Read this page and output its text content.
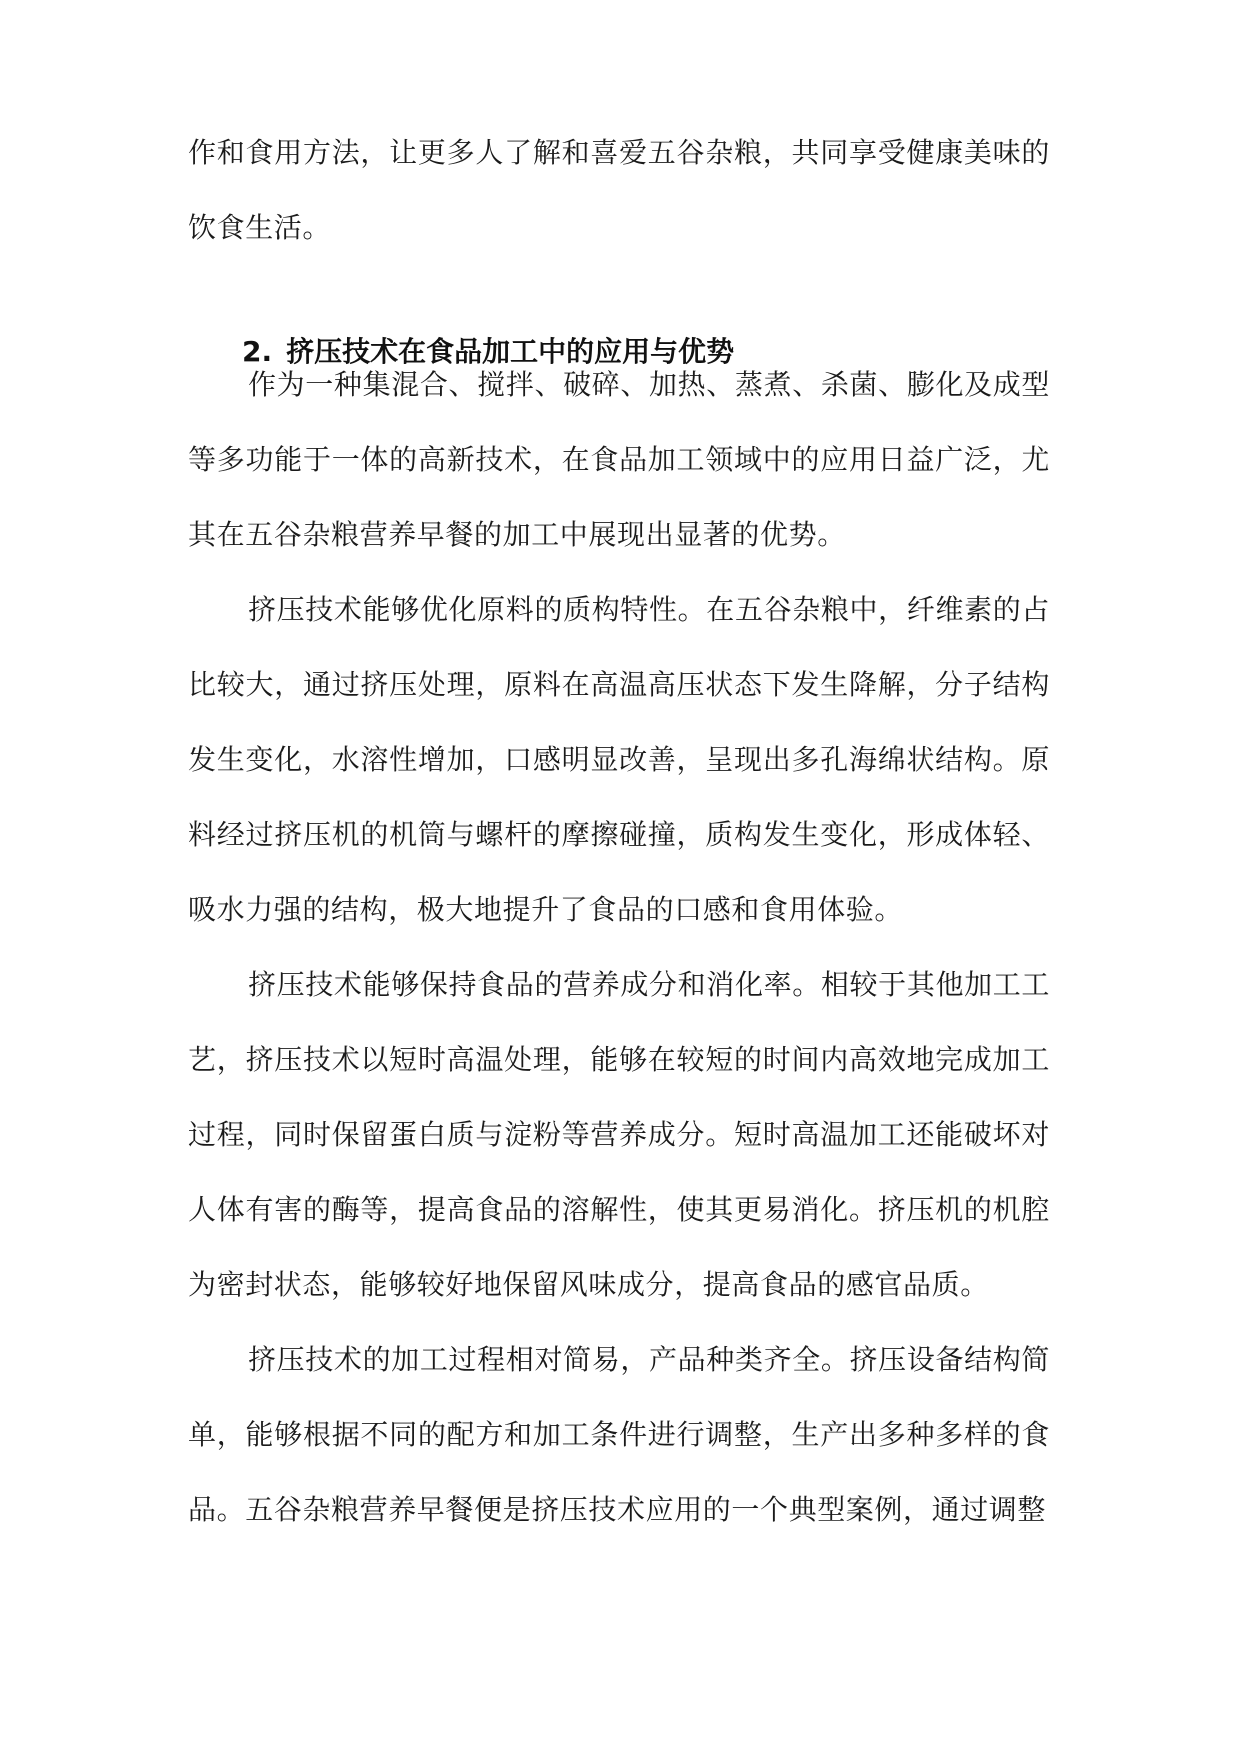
作和食用方法，让更多人了解和喜爱五谷杂粮，共同享受健康美味的饮食生活。

2. 挤压技术在食品加工中的应用与优势

作为一种集混合、搅拌、破碎、加热、蒸煮、杀菌、膨化及成型等多功能于一体的高新技术，在食品加工领域中的应用日益广泛，尤其在五谷杂粮营养早餐的加工中展现出显著的优势。

挤压技术能够优化原料的质构特性。在五谷杂粮中，纤维素的占比较大，通过挤压处理，原料在高温高压状态下发生降解，分子结构发生变化，水溶性增加，口感明显改善，呈现出多孔海绵状结构。原料经过挤压机的机筒与螺杆的摩擦碰撞，质构发生变化，形成体轻、吸水力强的结构，极大地提升了食品的口感和食用体验。

挤压技术能够保持食品的营养成分和消化率。相较于其他加工工艺，挤压技术以短时高温处理，能够在较短的时间内高效地完成加工过程，同时保留蛋白质与淀粉等营养成分。短时高温加工还能破坏对人体有害的酶等，提高食品的溶解性，使其更易消化。挤压机的机腔为密封状态，能够较好地保留风味成分，提高食品的感官品质。

挤压技术的加工过程相对简易，产品种类齐全。挤压设备结构简单，能够根据不同的配方和加工条件进行调整，生产出多种多样的食品。五谷杂粮营养早餐便是挤压技术应用的一个典型案例，通过调整
